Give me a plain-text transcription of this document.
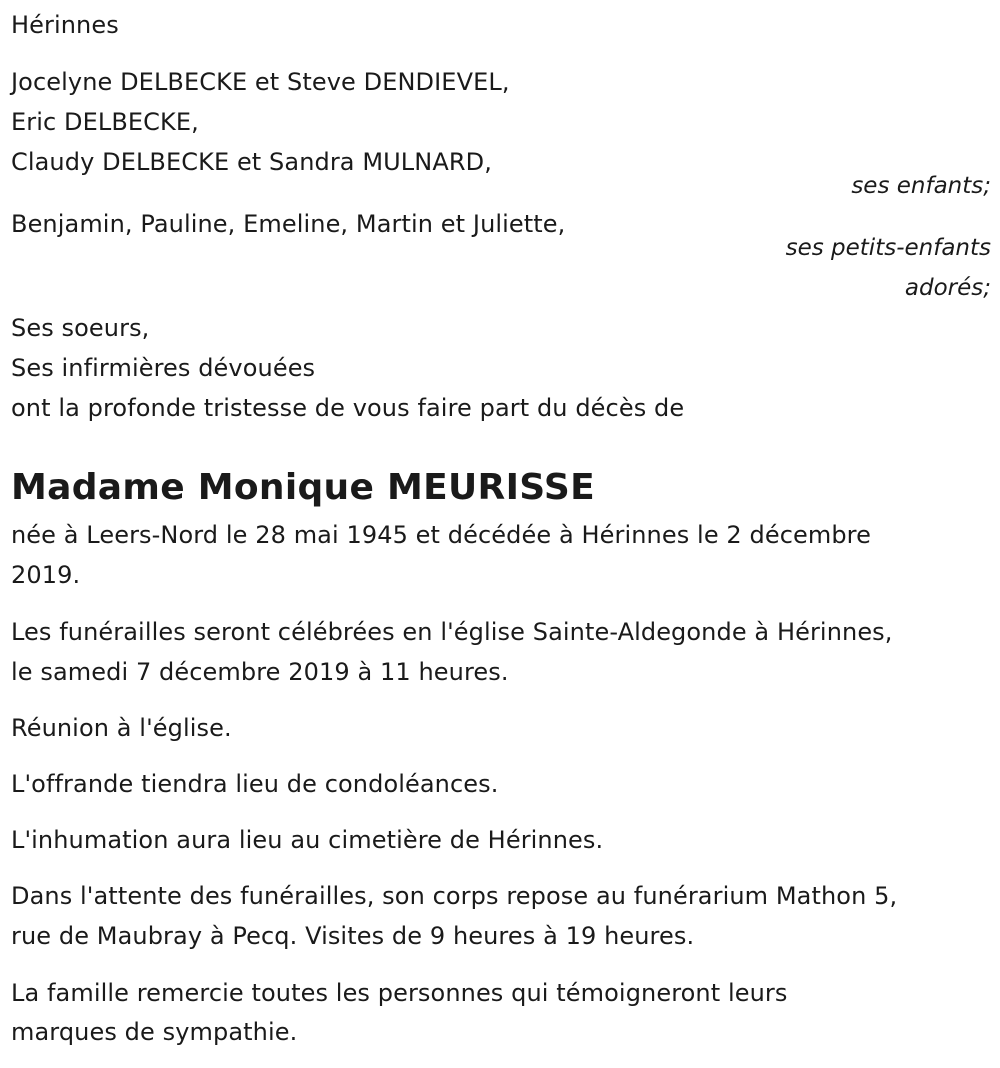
Hérinnes
Jocelyne DELBECKE et Steve DENDIEVEL,
Eric DELBECKE,
Claudy DELBECKE et Sandra MULNARD,
ses enfants;
Benjamin, Pauline, Emeline, Martin et Juliette,
ses petits-enfants
adorés;
Ses soeurs,
Ses infirmières dévouées
ont la profonde tristesse de vous faire part du décès de
Madame Monique MEURISSE
née à Leers-Nord le 28 mai 1945 et décédée à Hérinnes le 2 décembre
2019.
Les funérailles seront célébrées en l'église Sainte-Aldegonde à Hérinnes,
le samedi 7 décembre 2019 à 11 heures.
Réunion à l'église.
L'offrande tiendra lieu de condoléances.
L'inhumation aura lieu au cimetière de Hérinnes.
Dans l'attente des funérailles, son corps repose au funérarium Mathon 5,
rue de Maubray à Pecq. Visites de 9 heures à 19 heures.
La famille remercie toutes les personnes qui témoigneront leurs
marques de sympathie.
